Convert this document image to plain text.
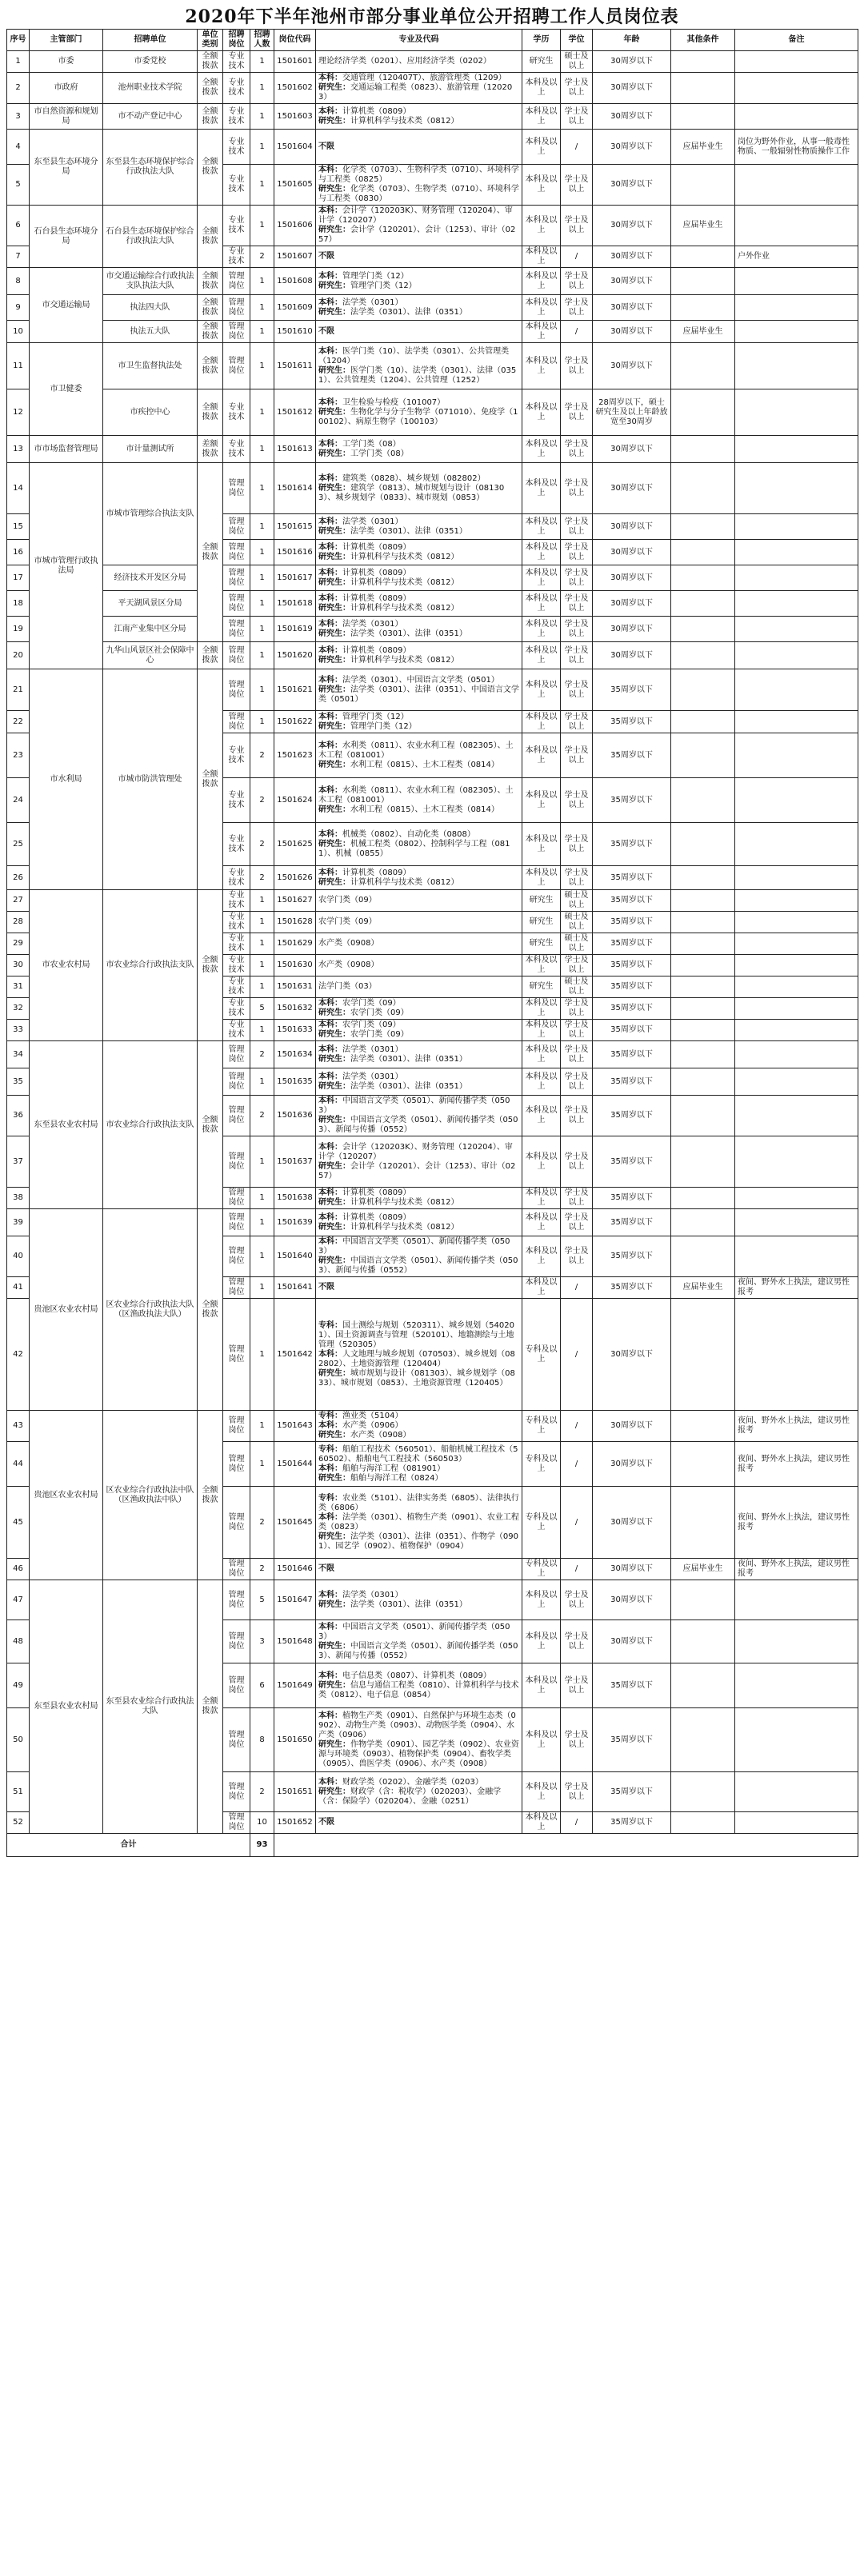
2020年下半年池州市部分事业单位公开招聘工作人员岗位表
序号	主管部门	招聘单位	单位类别	招聘岗位	招聘人数	岗位代码	专业及代码	学历	学位	年龄	其他条件	备注
1	市委	市委党校	全额拨款	专业技术	1	1501601	理论经济学类（0201）、应用经济学类（0202）	研究生	硕士及以上	30周岁以下		
2	市政府	池州职业技术学院	全额拨款	专业技术	1	1501602	本科：交通管理（120407T）、旅游管理类（1209）
研究生：交通运输工程类（0823）、旅游管理（120203）	本科及以上	学士及以上	30周岁以下		
3	市自然资源和规划局	市不动产登记中心	全额拨款	专业技术	1	1501603	本科：计算机类（0809）
研究生：计算机科学与技术类（0812）	本科及以上	学士及以上	30周岁以下		
4	东至县生态环境分局	东至县生态环境保护综合行政执法大队	全额拨款	专业技术	1	1501604	不限	本科及以上	/	30周岁以下	应届毕业生	岗位为野外作业，从事一般毒性物质、一般辐射性物质操作工作
5				专业技术	1	1501605	本科：化学类（0703）、生物科学类（0710）、环境科学与工程类（0825）
研究生：化学类（0703）、生物学类（0710）、环境科学与工程类（0830）	本科及以上	学士及以上	30周岁以下		
6	石台县生态环境分局	石台县生态环境保护综合行政执法大队	全额拨款	专业技术	1	1501606	本科：会计学（120203K）、财务管理（120204）、审计学（120207）
研究生：会计学（120201）、会计（1253）、审计（0257）	本科及以上	学士及以上	30周岁以下	应届毕业生	
7				专业技术	2	1501607	不限	本科及以上	/	30周岁以下		户外作业
8	市交通运输局	市交通运输综合行政执法支队执法大队	全额拨款	管理岗位	1	1501608	本科：管理学门类（12）
研究生：管理学门类（12）	本科及以上	学士及以上	30周岁以下		
9		执法四大队	全额拨款	管理岗位	1	1501609	本科：法学类（0301）
研究生：法学类（0301）、法律（0351）	本科及以上	学士及以上	30周岁以下		
10		执法五大队	全额拨款	管理岗位	1	1501610	不限	本科及以上	/	30周岁以下	应届毕业生	
11	市卫健委	市卫生监督执法处	全额拨款	管理岗位	1	1501611	本科：医学门类（10）、法学类（0301）、公共管理类（1204）
研究生：医学门类（10）、法学类（0301）、法律（0351）、公共管理类（1204）、公共管理（1252）	本科及以上	学士及以上	30周岁以下		
12		市疾控中心	全额拨款	专业技术	1	1501612	本科：卫生检验与检疫（101007）
研究生：生物化学与分子生物学（071010）、免疫学（100102）、病原生物学（100103）	本科及以上	学士及以上	28周岁以下，硕士研究生及以上年龄放宽至30周岁		
13	市市场监督管理局	市计量测试所	差额拨款	专业技术	1	1501613	本科：工学门类（08）
研究生：工学门类（08）	本科及以上	学士及以上	30周岁以下		
14	市城市管理行政执法局	市城市管理综合执法支队	全额拨款	管理岗位	1	1501614	本科：建筑类（0828）、城乡规划（082802）
研究生：建筑学（0813）、城市规划与设计（081303）、城乡规划学（0833）、城市规划（0853）	本科及以上	学士及以上	30周岁以下		
15				管理岗位	1	1501615	本科：法学类（0301）
研究生：法学类（0301）、法律（0351）	本科及以上	学士及以上	30周岁以下		
16				管理岗位	1	1501616	本科：计算机类（0809）
研究生：计算机科学与技术类（0812）	本科及以上	学士及以上	30周岁以下		
17		经济技术开发区分局		管理岗位	1	1501617	本科：计算机类（0809）
研究生：计算机科学与技术类（0812）	本科及以上	学士及以上	30周岁以下		
18		平天湖风景区分局		管理岗位	1	1501618	本科：计算机类（0809）
研究生：计算机科学与技术类（0812）	本科及以上	学士及以上	30周岁以下		
19		江南产业集中区分局		管理岗位	1	1501619	本科：法学类（0301）
研究生：法学类（0301）、法律（0351）	本科及以上	学士及以上	30周岁以下		
20		九华山风景区社会保障中心	全额拨款	管理岗位	1	1501620	本科：计算机类（0809）
研究生：计算机科学与技术类（0812）	本科及以上	学士及以上	30周岁以下		
21	市水利局	市城市防洪管理处	全额拨款	管理岗位	1	1501621	本科：法学类（0301）、中国语言文学类（0501）
研究生：法学类（0301）、法律（0351）、中国语言文学类（0501）	本科及以上	学士及以上	35周岁以下		
22				管理岗位	1	1501622	本科：管理学门类（12）
研究生：管理学门类（12）	本科及以上	学士及以上	35周岁以下		
23				专业技术	2	1501623	本科：水利类（0811）、农业水利工程（082305）、土木工程（081001）
研究生：水利工程（0815）、土木工程类（0814）	本科及以上	学士及以上	35周岁以下		
24				专业技术	2	1501624	本科：水利类（0811）、农业水利工程（082305）、土木工程（081001）
研究生：水利工程（0815）、土木工程类（0814）	本科及以上	学士及以上	35周岁以下		
25				专业技术	2	1501625	本科：机械类（0802）、自动化类（0808）
研究生：机械工程类（0802）、控制科学与工程（0811）、机械（0855）	本科及以上	学士及以上	35周岁以下		
26				专业技术	2	1501626	本科：计算机类（0809）
研究生：计算机科学与技术类（0812）	本科及以上	学士及以上	35周岁以下		
27	市农业农村局	市农业综合行政执法支队	全额拨款	专业技术	1	1501627	农学门类（09）	研究生	硕士及以上	35周岁以下		
28				专业技术	1	1501628	农学门类（09）	研究生	硕士及以上	35周岁以下		
29				专业技术	1	1501629	水产类（0908）	研究生	硕士及以上	35周岁以下		
30				专业技术	1	1501630	水产类（0908）	本科及以上	学士及以上	35周岁以下		
31				专业技术	1	1501631	法学门类（03）	研究生	硕士及以上	35周岁以下		
32				专业技术	5	1501632	本科：农学门类（09）
研究生：农学门类（09）	本科及以上	学士及以上	35周岁以下		
33				专业技术	1	1501633	本科：农学门类（09）
研究生：农学门类（09）	本科及以上	学士及以上	35周岁以下		
34	东至县农业农村局	市农业综合行政执法支队	全额拨款	管理岗位	2	1501634	本科：法学类（0301）
研究生：法学类（0301）、法律（0351）	本科及以上	学士及以上	35周岁以下		
35				管理岗位	1	1501635	本科：法学类（0301）
研究生：法学类（0301）、法律（0351）	本科及以上	学士及以上	35周岁以下		
36				管理岗位	2	1501636	本科：中国语言文学类（0501）、新闻传播学类（0503）
研究生：中国语言文学类（0501）、新闻传播学类（0503）、新闻与传播（0552）	本科及以上	学士及以上	35周岁以下		
37				管理岗位	1	1501637	本科：会计学（120203K）、财务管理（120204）、审计学（120207）
研究生：会计学（120201）、会计（1253）、审计（0257）	本科及以上	学士及以上	35周岁以下		
38				管理岗位	1	1501638	本科：计算机类（0809）
研究生：计算机科学与技术类（0812）	本科及以上	学士及以上	35周岁以下		
39	贵池区农业农村局	区农业综合行政执法大队（区渔政执法大队）	全额拨款	管理岗位	1	1501639	本科：计算机类（0809）
研究生：计算机科学与技术类（0812）	本科及以上	学士及以上	35周岁以下		
40				管理岗位	1	1501640	本科：中国语言文学类（0501）、新闻传播学类（0503）
研究生：中国语言文学类（0501）、新闻传播学类（0503）、新闻与传播（0552）	本科及以上	学士及以上	35周岁以下		
41				管理岗位	1	1501641	不限	本科及以上	/	35周岁以下	应届毕业生	夜间、野外水上执法，建议男性报考
42				管理岗位	1	1501642	专科：国土测绘与规划（520311）、城乡规划（540201）、国土资源调查与管理（520101）、地籍测绘与土地管理（520305）
本科：人文地理与城乡规划（070503）、城乡规划（082802）、土地资源管理（120404）
研究生：城市规划与设计（081303）、城乡规划学（0833）、城市规划（0853）、土地资源管理（120405）	专科及以上	/	30周岁以下		
43	贵池区农业农村局	区农业综合行政执法中队（区渔政执法中队）	全额拨款	管理岗位	1	1501643	专科：渔业类（5104）
本科：水产类（0906）
研究生：水产类（0908）	专科及以上	/	30周岁以下		夜间、野外水上执法，建议男性报考
44				管理岗位	1	1501644	专科：船舶工程技术（560501）、船舶机械工程技术（560502）、船舶电气工程技术（560503）
本科：船舶与海洋工程（081901）
研究生：船舶与海洋工程（0824）	专科及以上	/	30周岁以下		夜间、野外水上执法，建议男性报考
45				管理岗位	2	1501645	专科：农业类（5101）、法律实务类（6805）、法律执行类（6806）
本科：法学类（0301）、植物生产类（0901）、农业工程类（0823）
研究生：法学类（0301）、法律（0351）、作物学（0901）、园艺学（0902）、植物保护（0904）	专科及以上	/	30周岁以下		夜间、野外水上执法，建议男性报考
46				管理岗位	2	1501646	不限	专科及以上	/	30周岁以下	应届毕业生	夜间、野外水上执法，建议男性报考
47	东至县农业农村局	东至县农业综合行政执法大队	全额拨款	管理岗位	5	1501647	本科：法学类（0301）
研究生：法学类（0301）、法律（0351）	本科及以上	学士及以上	30周岁以下		
48				管理岗位	3	1501648	本科：中国语言文学类（0501）、新闻传播学类（0503）
研究生：中国语言文学类（0501）、新闻传播学类（0503）、新闻与传播（0552）	本科及以上	学士及以上	30周岁以下		
49				管理岗位	6	1501649	本科：电子信息类（0807）、计算机类（0809）
研究生：信息与通信工程类（0810）、计算机科学与技术类（0812）、电子信息（0854）	本科及以上	学士及以上	35周岁以下		
50				管理岗位	8	1501650	本科：植物生产类（0901）、自然保护与环境生态类（0902）、动物生产类（0903）、动物医学类（0904）、水产类（0906）
研究生：作物学类（0901）、园艺学类（0902）、农业资源与环境类（0903）、植物保护类（0904）、畜牧学类（0905）、兽医学类（0906）、水产类（0908）	本科及以上	学士及以上	35周岁以下		
51				管理岗位	2	1501651	本科：财政学类（0202）、金融学类（0203）
研究生：财政学（含：税收学）（020203）、金融学（含：保险学）（020204）、金融（0251）	本科及以上	学士及以上	35周岁以下		
52				管理岗位	10	1501652	不限	本科及以上	/	35周岁以下		
合计					93							
